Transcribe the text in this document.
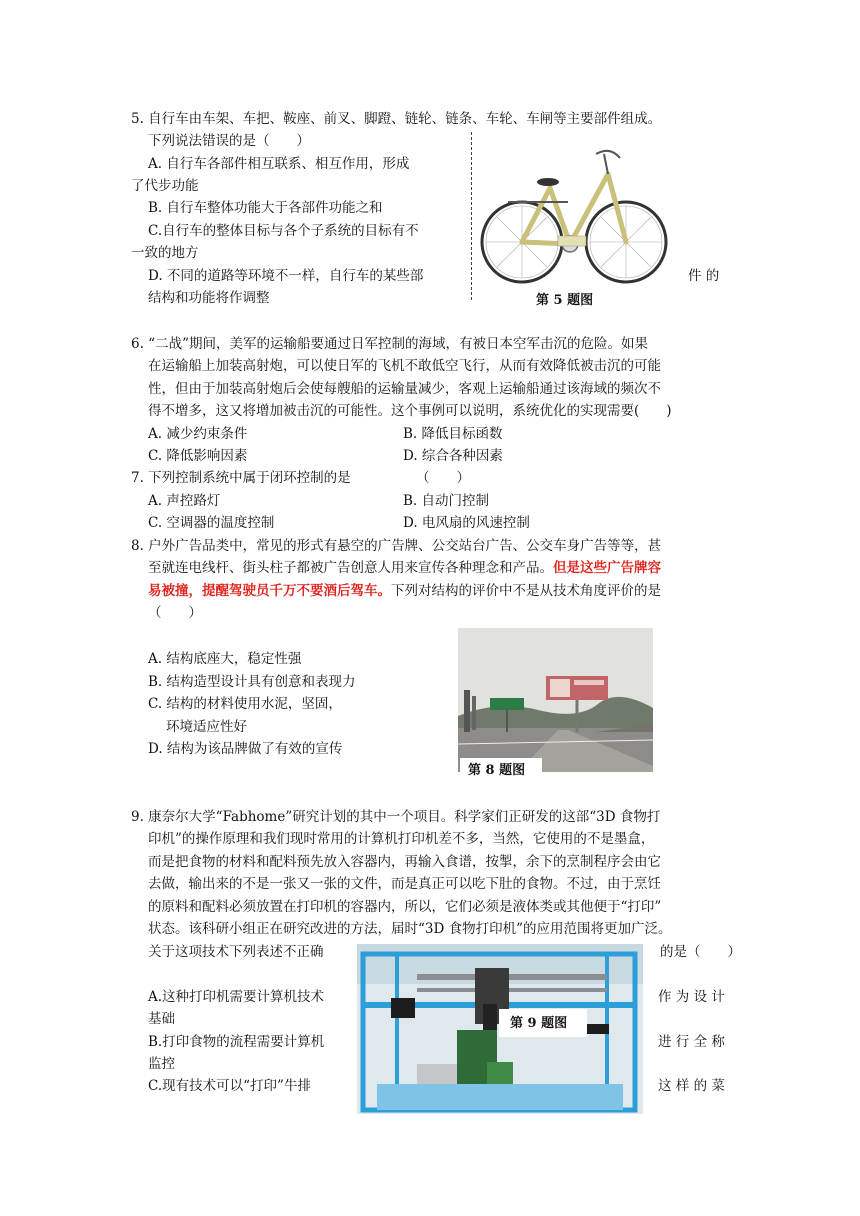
5. 自行车由车架、车把、鞍座、前叉、脚蹬、链轮、链条、车轮、车闸等主要部件组成。
下列说法错误的是（　　）
A. 自行车各部件相互联系、相互作用，形成
了代步功能
B. 自行车整体功能大于各部件功能之和
C.自行车的整体目标与各个子系统的目标有不
一致的地方
D. 不同的道路等环境不一样，自行车的某些部	件 的
结构和功能将作调整	第 5 题图
6. “二战”期间，美军的运输船要通过日军控制的海域，有被日本空军击沉的危险。如果
在运输船上加装高射炮，可以使日军的飞机不敢低空飞行，从而有效降低被击沉的可能
性，但由于加装高射炮后会使每艘船的运输量减少，客观上运输船通过该海域的频次不
得不增多，这又将增加被击沉的可能性。这个事例可以说明，系统优化的实现需要(　　)
A. 减少约束条件	B. 降低目标函数
C. 降低影响因素	D. 综合各种因素
7. 下列控制系统中属于闭环控制的是	（　　）
A. 声控路灯	B. 自动门控制
C. 空调器的温度控制	D. 电风扇的风速控制
8. 户外广告品类中，常见的形式有悬空的广告牌、公交站台广告、公交车身广告等等，甚
至就连电线杆、街头柱子都被广告创意人用来宣传各种理念和产品。但是这些广告牌容
易被撞，提醒驾驶员千万不要酒后驾车。下列对结构的评价中不是从技术角度评价的是
（　　）
A. 结构底座大，稳定性强
B. 结构造型设计具有创意和表现力
C. 结构的材料使用水泥，坚固，
环境适应性好
D. 结构为该品牌做了有效的宣传
第 8 题图
9. 康奈尔大学“Fabhome”研究计划的其中一个项目。科学家们正研发的这部“3D 食物打
印机”的操作原理和我们现时常用的计算机打印机差不多，当然，它使用的不是墨盒，
而是把食物的材料和配料预先放入容器内，再输入食谱，按掣，余下的烹制程序会由它
去做，输出来的不是一张又一张的文件，而是真正可以吃下肚的食物。不过，由于烹饪
的原料和配料必须放置在打印机的容器内，所以，它们必须是液体类或其他便于“打印”
状态。该科研小组正在研究改进的方法，届时“3D 食物打印机”的应用范围将更加广泛。
关于这项技术下列表述不正确	的是（　　）
A.这种打印机需要计算机技术	作 为 设 计
基础
B.打印食物的流程需要计算机	进 行 全 称
监控
C.现有技术可以“打印”牛排	这 样 的 菜
第 9 题图
